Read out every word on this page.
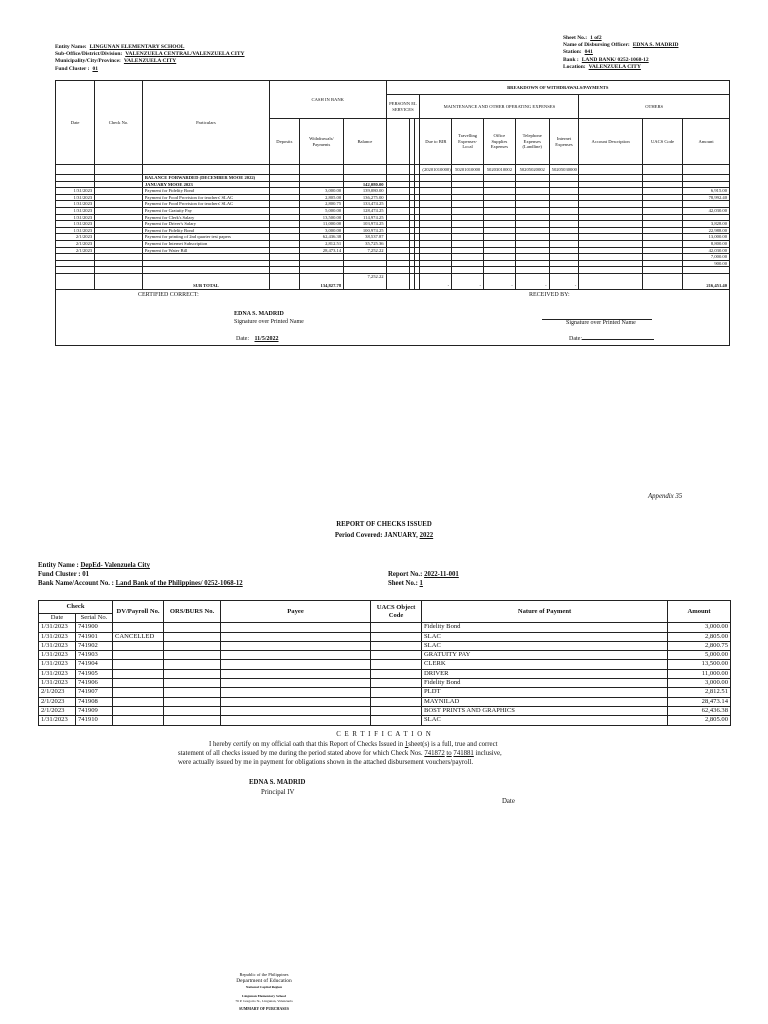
Entity Name: LINGUNAN ELEMENTARY SCHOOL
Sub-Office/District/Division: VALENZUELA CENTRAL/VALENZUELA CITY
Municipality/City/Province: VALENZUELA CITY
Fund Cluster : 01
Sheet No.: 1 of2
Name of Disbursing Officer: EDNA S. MADRID
Station: 041
Bank : LAND BANK/ 0252-1068-12
Location: VALENZUELA CITY
Date	Check No.	Particulars	CASH IN BANK			BREAKDOWN OF WITHDRAWALS/PAYMENTS										
						PERSONN EL SERVICES			MAINTENANCE AND OTHER OPERATING EXPENSES					OTHERS		
			Deposits	Withdrawals/ Payments	Balance				Due to BIR	Travelling Expenses- Local	Office Supplies Expenses	Telephone Expenses (Landline)	Internet Expenses	Account Description	UACS Code	Amount
									(20201010000)	50201010000	50203010002	50205020002	50205030000			
		BALANCE FORWARDED (DECEMBER MOOE 2022)														
		JANUARY MOOE 2023			142,080.00											
1/31/2023		Payment for Fidelity Bond		3,000.00	139,080.00											6,915.00
1/31/2023		Payment for Food Provision for teachers' SLAC		2,805.00	136,275.00											78,992.40
1/31/2023		Payment for Food Provision for teachers' SLAC		2,800.75	133,474.25											
1/31/2023		Payment for Gratuity Pay		5,000.00	128,474.25											42,030.00
1/31/2023		Payment for Clerk's Salary		13,500.00	114,974.25											
1/31/2023		Payment for Driver's Salary		11,000.00	103,974.25											3,828.00
1/31/2023		Payment for Fidelity Bond		3,000.00	100,974.25											22,988.00
2/1/2023		Payment for printing of 2nd quarter test papers		62,436.38	38,537.87											13,000.00
2/1/2023		Payment for Internet Subscription		2,812.51	35,725.36											8,800.00
2/1/2023		Payment for Water Bill		28,473.14	7,252.22											42,030.00
																7,000.00
																900.00

		SUB TOTAL		134,827.78	7,252.22				-	-	-	-	-			216,451.40
CERTIFIED CORRECT:	RECEIVED BY:
EDNA S. MADRID
Signature over Printed Name	Signature over Printed Name
Date: 11/5/2022	Date:
Appendix 35
REPORT OF CHECKS ISSUED
Period Covered: JANUARY, 2022
Entity Name : DepEd- Valenzuela City
Fund Cluster : 01
Bank Name/Account No. : Land Bank of the Philippines/ 0252-1068-12
Report No.: 2022-11-001
Sheet No.: 1
Check		DV/Payroll No.	ORS/BURS No.	Payee	UACS Object Code	Nature of Payment	Amount
Date	Serial No.						
1/31/2023	741900					Fidelity Bond	3,000.00
1/31/2023	741901	CANCELLED				SLAC	2,805.00
1/31/2023	741902					SLAC	2,800.75
1/31/2023	741903					GRATUITY PAY	5,000.00
1/31/2023	741904					CLERK	13,500.00
1/31/2023	741905					DRIVER	11,000.00
1/31/2023	741906					Fidelity Bond	3,000.00
2/1/2023	741907					PLDT	2,812.51
2/1/2023	741908					MAYNILAD	28,473.14
2/1/2023	741909					BOST PRINTS AND GRAPHICS	62,436.38
1/31/2023	741910					SLAC	2,805.00
C E R T I F I C A T I O N
I hereby certify on my official oath that this Report of Checks Issued in 1sheet(s) is a full, true and correct
statement of all checks issued by me during the period stated above for which Check Nos. 741872 to 741881 inclusive,
were actually issued by me in payment for obligations shown in the attached disbursement vouchers/payroll.
EDNA S. MADRID
Principal IV
Date
Republic of the Philippines
Department of Education
National Capital Region
Lingunan Elementary School
76 P. Gregorio St., Lingunan, Valenzuela
SUMMARY OF PURCHASES
